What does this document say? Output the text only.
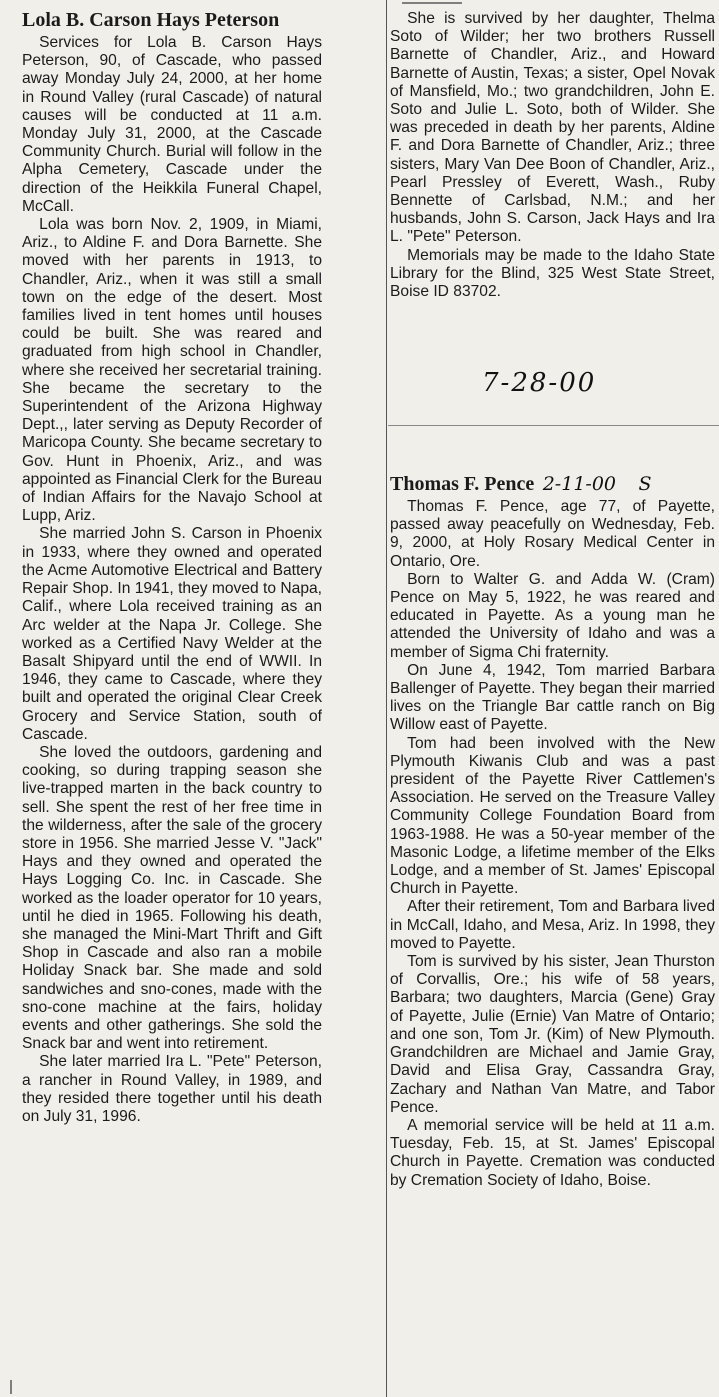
Lola B. Carson Hays Peterson

Services for Lola B. Carson Hays Peterson, 90, of Cascade, who passed away Monday July 24, 2000, at her home in Round Valley (rural Cascade) of natural causes will be conducted at 11 a.m. Monday July 31, 2000, at the Cascade Community Church. Burial will follow in the Alpha Cemetery, Cascade under the direction of the Heikkila Funeral Chapel, McCall.

Lola was born Nov. 2, 1909, in Miami, Ariz., to Aldine F. and Dora Barnette. She moved with her parents in 1913, to Chandler, Ariz., when it was still a small town on the edge of the desert. Most families lived in tent homes until houses could be built. She was reared and graduated from high school in Chandler, where she received her secretarial training. She became the secretary to the Superintendent of the Arizona Highway Dept.,, later serving as Deputy Recorder of Maricopa County. She became secretary to Gov. Hunt in Phoenix, Ariz., and was appointed as Financial Clerk for the Bureau of Indian Affairs for the Navajo School at Lupp, Ariz.

She married John S. Carson in Phoenix in 1933, where they owned and operated the Acme Automotive Electrical and Battery Repair Shop. In 1941, they moved to Napa, Calif., where Lola received training as an Arc welder at the Napa Jr. College. She worked as a Certified Navy Welder at the Basalt Shipyard until the end of WWII. In 1946, they came to Cascade, where they built and operated the original Clear Creek Grocery and Service Station, south of Cascade.

She loved the outdoors, gardening and cooking, so during trapping season she live-trapped marten in the back country to sell. She spent the rest of her free time in the wilderness, after the sale of the grocery store in 1956. She married Jesse V. "Jack" Hays and they owned and operated the Hays Logging Co. Inc. in Cascade. She worked as the loader operator for 10 years, until he died in 1965. Following his death, she managed the Mini-Mart Thrift and Gift Shop in Cascade and also ran a mobile Holiday Snack bar. She made and sold sandwiches and sno-cones, made with the sno-cone machine at the fairs, holiday events and other gatherings. She sold the Snack bar and went into retirement.

She later married Ira L. "Pete" Peterson, a rancher in Round Valley, in 1989, and they resided there together until his death on July 31, 1996.

She is survived by her daughter, Thelma Soto of Wilder; her two brothers Russell Barnette of Chandler, Ariz., and Howard Barnette of Austin, Texas; a sister, Opel Novak of Mansfield, Mo.; two grandchildren, John E. Soto and Julie L. Soto, both of Wilder. She was preceded in death by her parents, Aldine F. and Dora Barnette of Chandler, Ariz.; three sisters, Mary Van Dee Boon of Chandler, Ariz., Pearl Pressley of Everett, Wash., Ruby Bennette of Carlsbad, N.M.; and her husbands, John S. Carson, Jack Hays and Ira L. "Pete" Peterson.

Memorials may be made to the Idaho State Library for the Blind, 325 West State Street, Boise ID 83702.

7-28-00
Thomas F. Pence 2-11-00 S

Thomas F. Pence, age 77, of Payette, passed away peacefully on Wednesday, Feb. 9, 2000, at Holy Rosary Medical Center in Ontario, Ore.

Born to Walter G. and Adda W. (Cram) Pence on May 5, 1922, he was reared and educated in Payette. As a young man he attended the University of Idaho and was a member of Sigma Chi fraternity.

On June 4, 1942, Tom married Barbara Ballenger of Payette. They began their married lives on the Triangle Bar cattle ranch on Big Willow east of Payette.

Tom had been involved with the New Plymouth Kiwanis Club and was a past president of the Payette River Cattlemen's Association. He served on the Treasure Valley Community College Foundation Board from 1963-1988. He was a 50-year member of the Masonic Lodge, a lifetime member of the Elks Lodge, and a member of St. James' Episcopal Church in Payette.

After their retirement, Tom and Barbara lived in McCall, Idaho, and Mesa, Ariz. In 1998, they moved to Payette.

Tom is survived by his sister, Jean Thurston of Corvallis, Ore.; his wife of 58 years, Barbara; two daughters, Marcia (Gene) Gray of Payette, Julie (Ernie) Van Matre of Ontario; and one son, Tom Jr. (Kim) of New Plymouth. Grandchildren are Michael and Jamie Gray, David and Elisa Gray, Cassandra Gray, Zachary and Nathan Van Matre, and Tabor Pence.

A memorial service will be held at 11 a.m. Tuesday, Feb. 15, at St. James' Episcopal Church in Payette. Cremation was conducted by Cremation Society of Idaho, Boise.
